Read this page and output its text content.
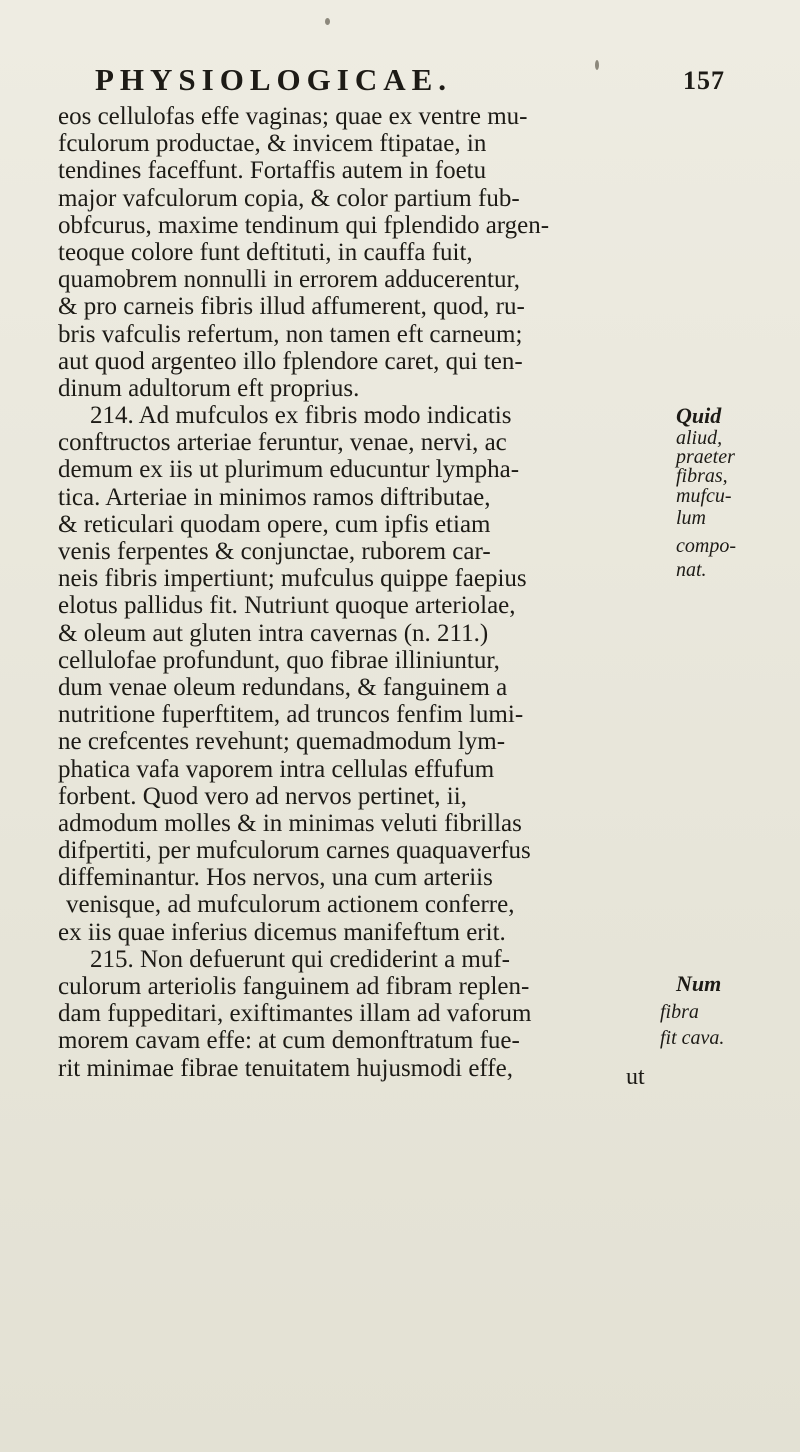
PHYSIOLOGICAE.	157
eos cellulofas effe vaginas; quae ex ventre mu-
fculorum productae, & invicem ftipatae, in
tendines faceffunt. Fortaffis autem in foetu
major vafculorum copia, & color partium fub-
obfcurus, maxime tendinum qui fplendido argen-
teoque colore funt deftituti, in cauffa fuit,
quamobrem nonnulli in errorem adducerentur,
& pro carneis fibris illud affumerent, quod, ru-
bris vafculis refertum, non tamen eft carneum;
aut quod argenteo illo fplendore caret, qui ten-
dinum adultorum eft proprius.
214. Ad mufculos ex fibris modo indicatis
conftructos arteriae feruntur, venae, nervi, ac
demum ex iis ut plurimum educuntur lympha-
tica. Arteriae in minimos ramos diftributae,
& reticulari quodam opere, cum ipfis etiam
venis ferpentes & conjunctae, ruborem car-
neis fibris impertiunt; mufculus quippe faepius
elotus pallidus fit. Nutriunt quoque arteriolae,
& oleum aut gluten intra cavernas (n. 211.)
cellulofae profundunt, quo fibrae illiniuntur,
dum venae oleum redundans, & fanguinem a
nutritione fuperftitem, ad truncos fenfim lumi-
ne crefcentes revehunt; quemadmodum lym-
phatica vafa vaporem intra cellulas effufum
forbent. Quod vero ad nervos pertinet, ii,
admodum molles & in minimas veluti fibrillas
difpertiti, per mufculorum carnes quaquaverfus
diffeminantur. Hos nervos, una cum arteriis
venisque, ad mufculorum actionem conferre,
ex iis quae inferius dicemus manifeftum erit.
215. Non defuerunt qui crediderint a muf-
culorum arteriolis fanguinem ad fibram replen-
dam fuppeditari, exiftimantes illam ad vaforum
morem cavam effe: at cum demonftratum fue-
rit minimae fibrae tenuitatem hujusmodi effe,
Quid
aliud,
praeter
fibras,
mufcu-
lum
compo-
nat.
Num
fibra
fit cava.
ut
